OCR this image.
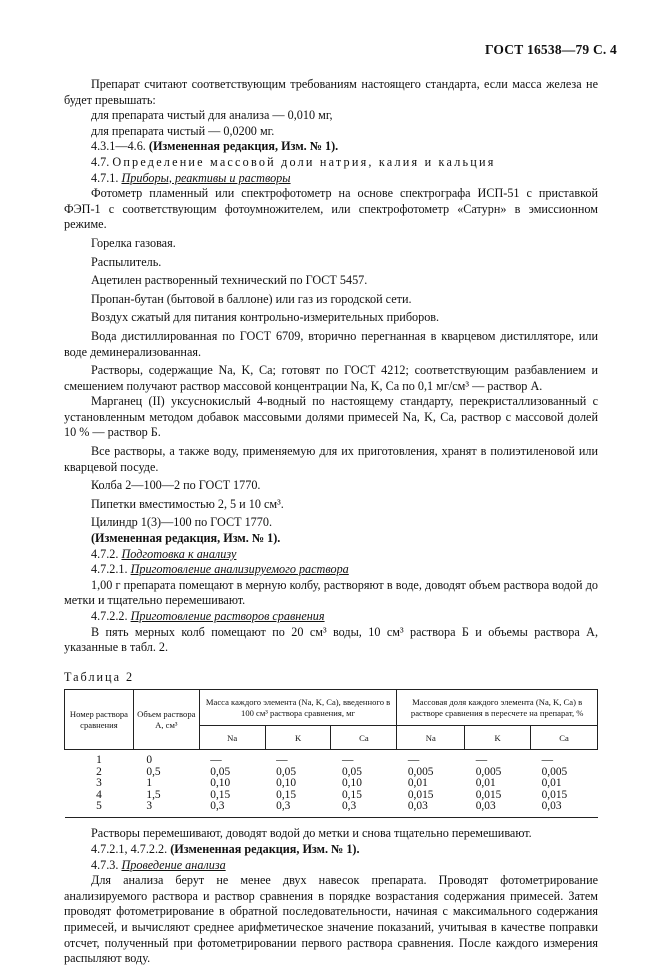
ГОСТ 16538—79 С. 4

Препарат считают соответствующим требованиям настоящего стандарта, если масса железа не будет превышать:

для препарата чистый для анализа — 0,010 мг,

для препарата чистый — 0,0200 мг.

4.3.1—4.6. (Измененная редакция, Изм. № 1).

4.7. Определение массовой доли натрия, калия и кальция

4.7.1. Приборы, реактивы и растворы

Фотометр пламенный или спектрофотометр на основе спектрографа ИСП-51 с приставкой ФЭП-1 с соответствующим фотоумножителем, или спектрофотометр «Сатурн» в эмиссионном режиме.

Горелка газовая.

Распылитель.

Ацетилен растворенный технический по ГОСТ 5457.

Пропан-бутан (бытовой в баллоне) или газ из городской сети.

Воздух сжатый для питания контрольно-измерительных приборов.

Вода дистиллированная по ГОСТ 6709, вторично перегнанная в кварцевом дистилляторе, или воде деминерализованная.

Растворы, содержащие Na, K, Ca; готовят по ГОСТ 4212; соответствующим разбавлением и смешением получают раствор массовой концентрации Na, K, Ca по 0,1 мг/см³ — раствор А.

Марганец (II) уксуснокислый 4-водный по настоящему стандарту, перекристаллизованный с установленным методом добавок массовыми долями примесей Na, K, Ca, раствор с массовой долей 10 % — раствор Б.

Все растворы, а также воду, применяемую для их приготовления, хранят в полиэтиленовой или кварцевой посуде.

Колба 2—100—2 по ГОСТ 1770.

Пипетки вместимостью 2, 5 и 10 см³.

Цилиндр 1(3)—100 по ГОСТ 1770.

(Измененная редакция, Изм. № 1).

4.7.2. Подготовка к анализу

4.7.2.1. Приготовление анализируемого раствора

1,00 г препарата помещают в мерную колбу, растворяют в воде, доводят объем раствора водой до метки и тщательно перемешивают.

4.7.2.2. Приготовление растворов сравнения

В пять мерных колб помещают по 20 см³ воды, 10 см³ раствора Б и объемы раствора А, указанные в табл. 2.

Таблица 2

Номер раствора сравнения	Объем раствора А, см³	Масса каждого элемента (Na, K, Ca), введенного в 100 см³ раствора сравнения, мг			Массовая доля каждого элемента (Na, K, Ca) в растворе сравнения в пересчете на препарат, %		
		Na	K	Ca	Na	K	Ca
1	0	—	—	—	—	—	—
2	0,5	0,05	0,05	0,05	0,005	0,005	0,005
3	1	0,10	0,10	0,10	0,01	0,01	0,01
4	1,5	0,15	0,15	0,15	0,015	0,015	0,015
5	3	0,3	0,3	0,3	0,03	0,03	0,03

Растворы перемешивают, доводят водой до метки и снова тщательно перемешивают.

4.7.2.1, 4.7.2.2. (Измененная редакция, Изм. № 1).

4.7.3. Проведение анализа

Для анализа берут не менее двух навесок препарата. Проводят фотометрирование анализируемого раствора и раствор сравнения в порядке возрастания содержания примесей. Затем проводят фотометрирование в обратной последовательности, начиная с максимального содержания примесей, и вычисляют среднее арифметическое значение показаний, учитывая в качестве поправки отсчет, полученный при фотометрировании первого раствора сравнения. После каждого измерения распыляют воду.
